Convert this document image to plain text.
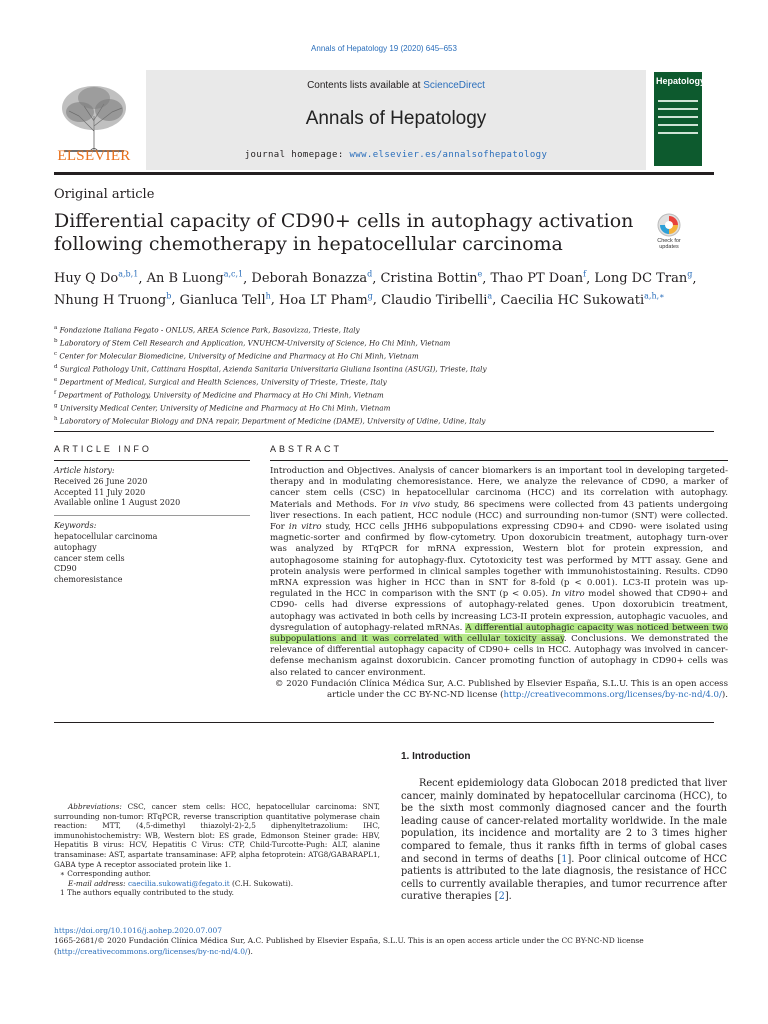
Annals of Hepatology 19 (2020) 645–653
ELSEVIER
Contents lists available at ScienceDirect
Annals of Hepatology
journal homepage: www.elsevier.es/annalsofhepatology
Hepatology
Original article
Differential capacity of CD90+ cells in autophagy activation following chemotherapy in hepatocellular carcinoma	Check for updates
Huy Q Do$^{a,b,1}$, An B Luong$^{a,c,1}$, Deborah Bonazza$^d$, Cristina Bottin$^e$, Thao PT Doan$^f$, Long DC Tran$^g$, Nhung H Truong$^b$, Gianluca Tell$^h$, Hoa LT Pham$^g$, Claudio Tiribelli$^a$, Caecilia HC Sukowati$^{a,h,∗}$
$^a$ Fondazione Italiana Fegato - ONLUS, AREA Science Park, Basovizza, Trieste, Italy
$^b$ Laboratory of Stem Cell Research and Application, VNUHCM-University of Science, Ho Chi Minh, Vietnam
$^c$ Center for Molecular Biomedicine, University of Medicine and Pharmacy at Ho Chi Minh, Vietnam
$^d$ Surgical Pathology Unit, Cattinara Hospital, Azienda Sanitaria Universitaria Giuliana Isontina (ASUGI), Trieste, Italy
$^e$ Department of Medical, Surgical and Health Sciences, University of Trieste, Trieste, Italy
$^f$ Department of Pathology, University of Medicine and Pharmacy at Ho Chi Minh, Vietnam
$^g$ University Medical Center, University of Medicine and Pharmacy at Ho Chi Minh, Vietnam
$^h$ Laboratory of Molecular Biology and DNA repair, Department of Medicine (DAME), University of Udine, Udine, Italy
ARTICLE INFO
Article history:
Received 26 June 2020
Accepted 11 July 2020
Available online 1 August 2020
Keywords:
hepatocellular carcinoma
autophagy
cancer stem cells
CD90
chemoresistance
ABSTRACT
Introduction and Objectives. Analysis of cancer biomarkers is an important tool in developing targeted-therapy and in modulating chemoresistance. Here, we analyze the relevance of CD90, a marker of cancer stem cells (CSC) in hepatocellular carcinoma (HCC) and its correlation with autophagy. Materials and Methods. For in vivo study, 86 specimens were collected from 43 patients undergoing liver resections. In each patient, HCC nodule (HCC) and surrounding non-tumor (SNT) were collected. For in vitro study, HCC cells JHH6 subpopulations expressing CD90+ and CD90- were isolated using magnetic-sorter and confirmed by flow-cytometry. Upon doxorubicin treatment, autophagy turn-over was analyzed by RTqPCR for mRNA expression, Western blot for protein expression, and autophagosome staining for autophagy-flux. Cytotoxicity test was performed by MTT assay. Gene and protein analysis were performed in clinical samples together with immunohistostaining. Results. CD90 mRNA expression was higher in HCC than in SNT for 8-fold (p < 0.001). LC3-II protein was up-regulated in the HCC in comparison with the SNT (p < 0.05). In vitro model showed that CD90+ and CD90- cells had diverse expressions of autophagy-related genes. Upon doxorubicin treatment, autophagy was activated in both cells by increasing LC3-II protein expression, autophagic vacuoles, and dysregulation of autophagy-related mRNAs. A differential autophagic capacity was noticed between two subpopulations and it was correlated with cellular toxicity assay. Conclusions. We demonstrated the relevance of differential autophagy capacity of CD90+ cells in HCC. Autophagy was involved in cancer-defense mechanism against doxorubicin. Cancer promoting function of autophagy in CD90+ cells was also related to cancer environment.
© 2020 Fundación Clínica Médica Sur, A.C. Published by Elsevier España, S.L.U. This is an open access article under the CC BY-NC-ND license (http://creativecommons.org/licenses/by-nc-nd/4.0/).
1. Introduction
Recent epidemiology data Globocan 2018 predicted that liver cancer, mainly dominated by hepatocellular carcinoma (HCC), to be the sixth most commonly diagnosed cancer and the fourth leading cause of cancer-related mortality worldwide. In the male population, its incidence and mortality are 2 to 3 times higher compared to female, thus it ranks fifth in terms of global cases and second in terms of deaths [1]. Poor clinical outcome of HCC patients is attributed to the late diagnosis, the resistance of HCC cells to currently available therapies, and tumor recurrence after curative therapies [2].

Abbreviations: CSC, cancer stem cells: HCC, hepatocellular carcinoma: SNT, surrounding non-tumor: RTqPCR, reverse transcription quantitative polymerase chain reaction: MTT, (4,5-dimethyl thiazolyl-2)-2,5 diphenyltetrazolium: IHC, immunohistochemistry: WB, Western blot: ES grade, Edmonson Steiner grade: HBV, Hepatitis B virus: HCV, Hepatitis C Virus: CTP, Child-Turcotte-Pugh: ALT, alanine transaminase: AST, aspartate transaminase: AFP, alpha fetoprotein: ATG8/GABARAPL1, GABA type A receptor associated protein like 1.

∗ Corresponding author.

E-mail address: caecilia.sukowati@fegato.it (C.H. Sukowati).

1 The authors equally contributed to the study.

https://doi.org/10.1016/j.aohep.2020.07.007
1665-2681/© 2020 Fundación Clínica Médica Sur, A.C. Published by Elsevier España, S.L.U. This is an open access article under the CC BY-NC-ND license (http://creativecommons.org/licenses/by-nc-nd/4.0/).
